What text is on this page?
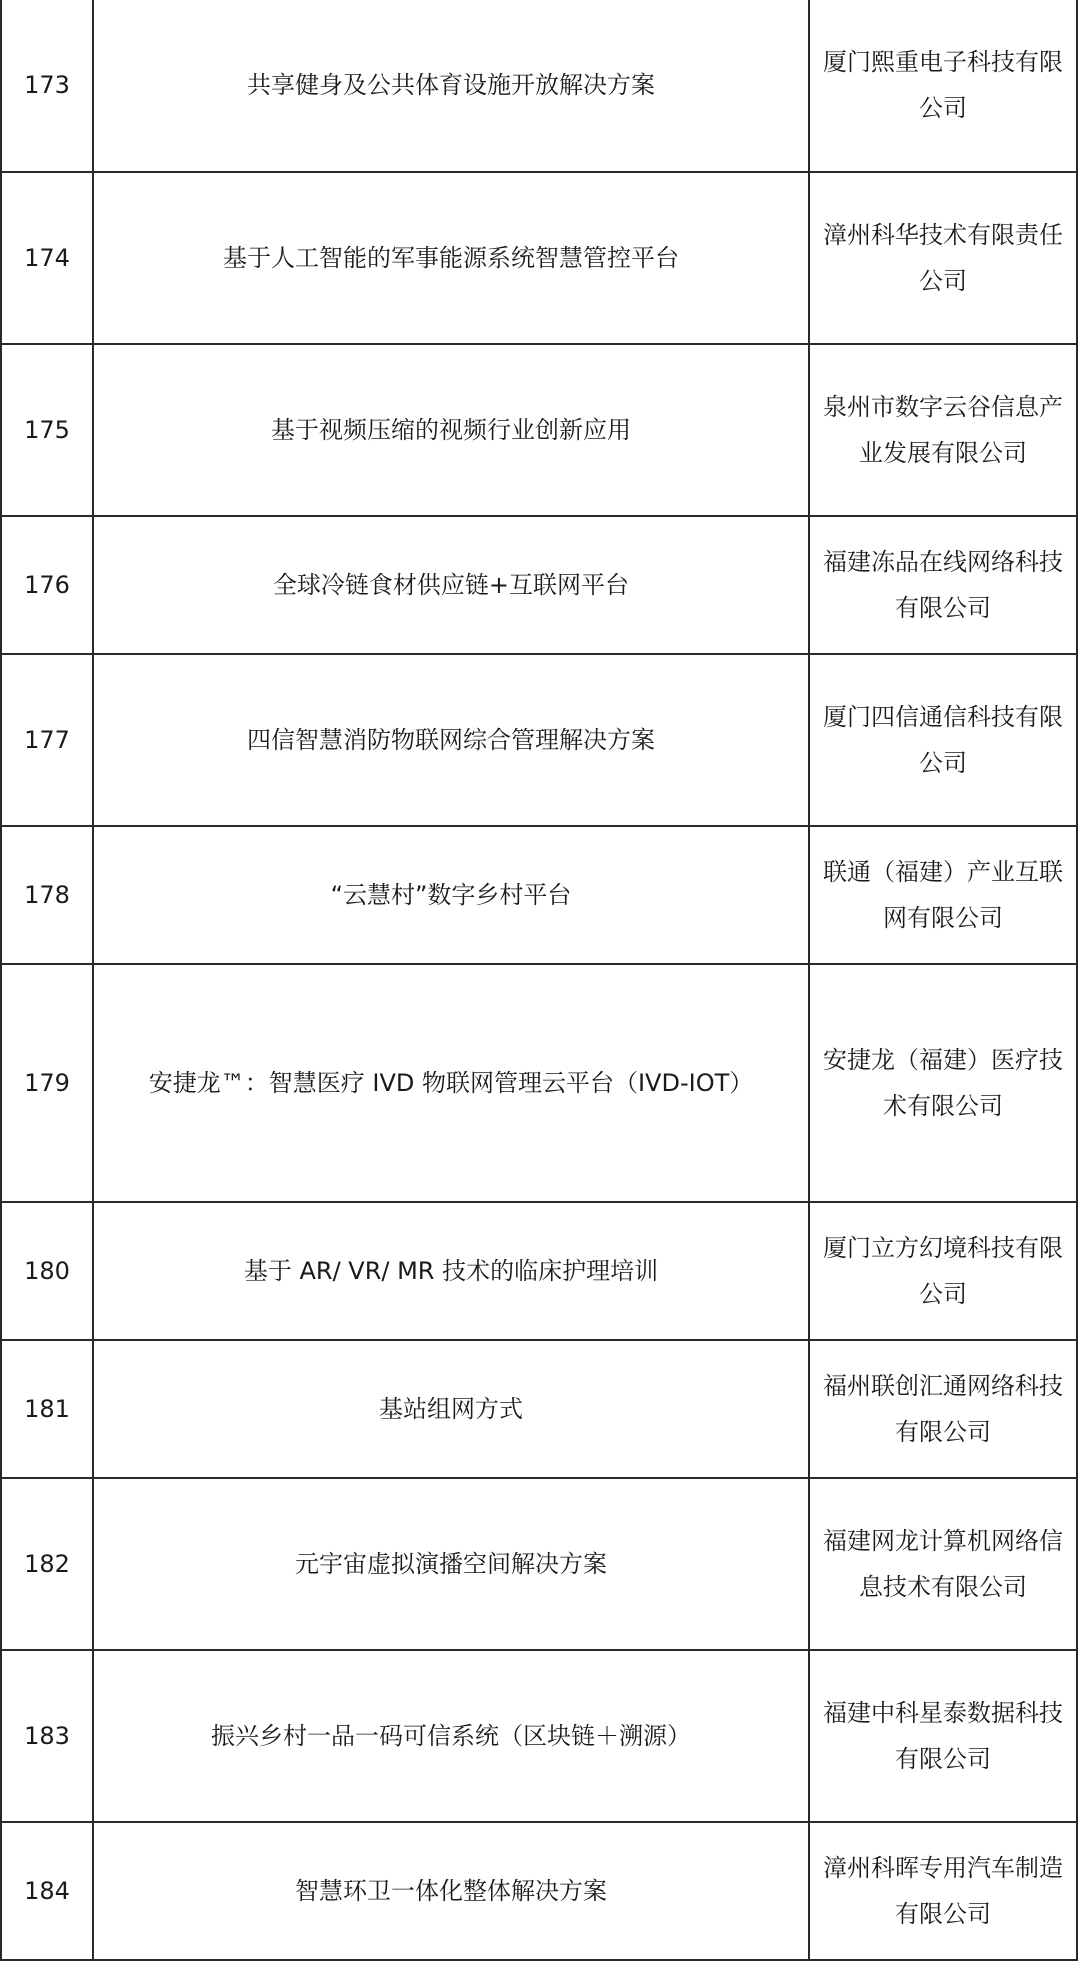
173	共享健身及公共体育设施开放解决方案	厦门熙重电子科技有限公司
174	基于人工智能的军事能源系统智慧管控平台	漳州科华技术有限责任公司
175	基于视频压缩的视频行业创新应用	泉州市数字云谷信息产业发展有限公司
176	全球冷链食材供应链+互联网平台	福建冻品在线网络科技有限公司
177	四信智慧消防物联网综合管理解决方案	厦门四信通信科技有限公司
178	“云慧村”数字乡村平台	联通（福建）产业互联网有限公司
179	安捷龙™：智慧医疗 IVD 物联网管理云平台（IVD-IOT）	安捷龙（福建）医疗技术有限公司
180	基于 AR/ VR/ MR 技术的临床护理培训	厦门立方幻境科技有限公司
181	基站组网方式	福州联创汇通网络科技有限公司
182	元宇宙虚拟演播空间解决方案	福建网龙计算机网络信息技术有限公司
183	振兴乡村一品一码可信系统（区块链＋溯源）	福建中科星泰数据科技有限公司
184	智慧环卫一体化整体解决方案	漳州科晖专用汽车制造有限公司
